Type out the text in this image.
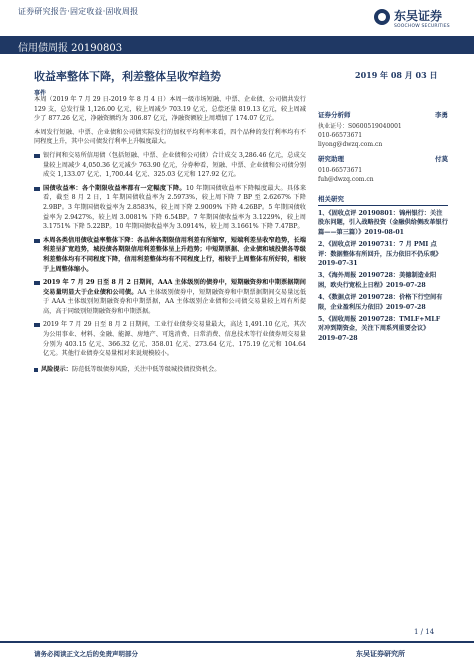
证券研究报告·固定收益·固收周报	东吴证券
SOOCHOW SECURITIES
信用债周报 20190803
收益率整体下降，利差整体呈收窄趋势	2019 年 08 月 03 日
事件

本周（2019 年 7 月 29 日-2019 年 8 月 4 日）本周一级市场短融、中票、企业债、公司债共发行 129 支，总发行量 1,126.00 亿元，较上周减少 703.19 亿元，总偿还量 819.13 亿元，较上周减少了 877.26 亿元，净融资额约为 306.87 亿元，净融资额较上周增加了 174.07 亿元。

本周发行短融、中票、企业债和公司债实际发行的加权平均利率来看，四个品种的发行利率均有不同程度上升，其中公司债发行利率上升幅度最大。

银行间和交易所信用债（包括短融、中票、企业债和公司债）合计成交 3,286.46 亿元，总成交量较上周减少 4,050.36 亿元减少 763.90 亿元，分券种看，短融、中票、企业债和公司债分别成交 1,133.07 亿元、1,700.44 亿元、325.03 亿元和 127.92 亿元。
国债收益率：各个期限收益率都有一定幅度下降。10 年期国债收益率下降幅度最大。具体来看，截至 8 月 2 日，1 年期国债收益率为 2.5973%，较上周下降 7 BP 至 2.6267% 下降 2.9BP。3 年期国债收益率为 2.8583%，较上周下降 2.9009% 下降 4.26BP。5 年期国债收益率为 2.9427%，较上周 3.0081% 下降 6.54BP。7 年期国债收益率为 3.1229%，较上周 3.1751% 下降 5.22BP。10 年期国债收益率为 3.0914%，较上周 3.1661% 下降 7.47BP。
本周各类信用债收益率整体下降：各品种各期限信用利差有所缩窄，短端利差呈收窄趋势，长端利差呈扩宽趋势，城投债各期限信用利差整体呈上升趋势；中短期票据、企业债和城投债各等级利差整体均有不同程度下降，信用利差整体均有不同程度上行，相较于上周整体有所好转，相较于上周整体缩小。
2019 年 7 月 29 日至 8 月 2 日期间，AAA 主体级别的债券中，短期融资券和中期票据期间交易量明显大于企业债和公司债。AA 主体级别债券中，短期融资券和中期票据期间交易量远低于 AAA 主体级别短期融资券和中期票据，AA 主体级别企业债和公司债交易量较上周有所提高，高于同级别短期融资券和中期票据。
2019 年 7 月 29 日至 8 月 2 日期间，工业行业债券交易量最大，高达 1,491.10 亿元，其次为公用事业、材料、金融、能源、房地产、可选消费、日常消费、信息技术等行业债券周交易量分别为 403.15 亿元、366.32 亿元、358.01 亿元、273.64 亿元、175.19 亿元和 104.64 亿元。其他行业债券交易量相对来说规模较小。
风险提示：防范低等级债券风险，关注中低等级城投债投资机会。
证券分析师	李勇
执业证号：S0600519040001
010-66573671
liyong@dwzq.com.cn
研究助理	付莫
010-66573671
fuh@dwzq.com.cn
相关研究
1、《固收点评 20190801：锦州银行：关注股东问题，引入战略投资（金融供给侧改革银行篇——第三篇）》2019-08-01
2、《固收点评 20190731：7 月 PMI 点评：数据整体有所回升，压力依旧不仍乐观》2019-07-31
3、《海外周报 20190728：美德制造业阳困，欧央行宽松上日程》2019-07-28
4、《数据点评 20190728：价格下行空间有限，企业盈利压力依旧》2019-07-28
5、《固收周报 20190728：TMLF+MLF 对冲到期资金，关注下周系列重要会议》2019-07-28
1 / 14
请务必阅读正文之后的免责声明部分	东吴证券研究所
